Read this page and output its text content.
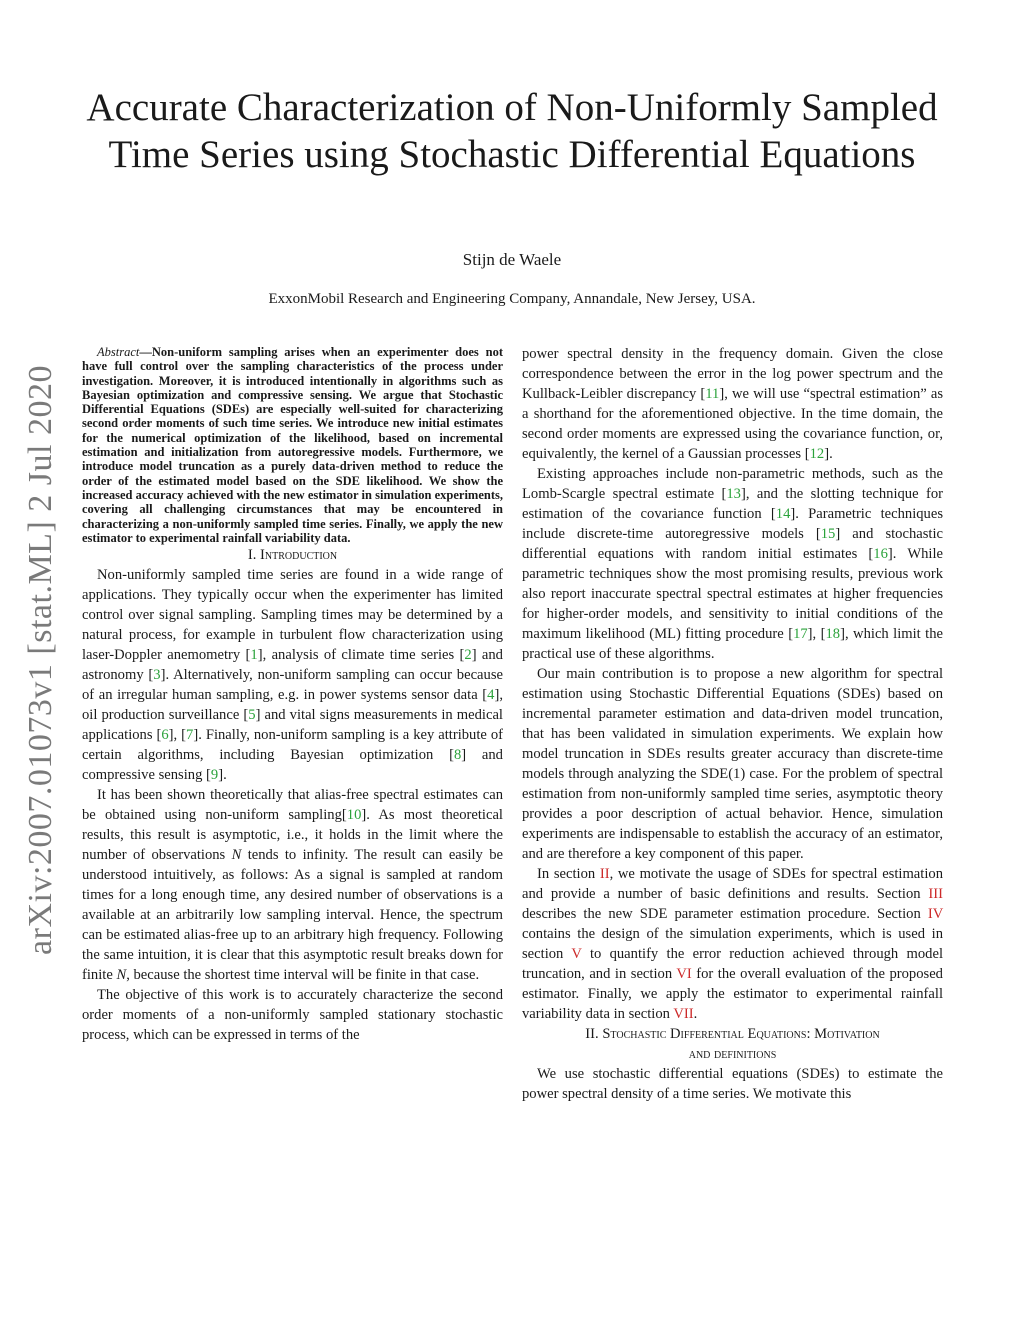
Accurate Characterization of Non-Uniformly Sampled Time Series using Stochastic Differential Equations
Stijn de Waele
ExxonMobil Research and Engineering Company, Annandale, New Jersey, USA.
arXiv:2007.01073v1 [stat.ML] 2 Jul 2020

Abstract—Non-uniform sampling arises when an experimenter does not have full control over the sampling characteristics of the process under investigation. Moreover, it is introduced intentionally in algorithms such as Bayesian optimization and compressive sensing. We argue that Stochastic Differential Equations (SDEs) are especially well-suited for characterizing second order moments of such time series. We introduce new initial estimates for the numerical optimization of the likelihood, based on incremental estimation and initialization from autoregressive models. Furthermore, we introduce model truncation as a purely data-driven method to reduce the order of the estimated model based on the SDE likelihood. We show the increased accuracy achieved with the new estimator in simulation experiments, covering all challenging circumstances that may be encountered in characterizing a non-uniformly sampled time series. Finally, we apply the new estimator to experimental rainfall variability data.

I. Introduction

Non-uniformly sampled time series are found in a wide range of applications. They typically occur when the experimenter has limited control over signal sampling. Sampling times may be determined by a natural process, for example in turbulent flow characterization using laser-Doppler anemometry [1], analysis of climate time series [2] and astronomy [3]. Alternatively, non-uniform sampling can occur because of an irregular human sampling, e.g. in power systems sensor data [4], oil production surveillance [5] and vital signs measurements in medical applications [6], [7]. Finally, non-uniform sampling is a key attribute of certain algorithms, including Bayesian optimization [8] and compressive sensing [9].

It has been shown theoretically that alias-free spectral estimates can be obtained using non-uniform sampling[10]. As most theoretical results, this result is asymptotic, i.e., it holds in the limit where the number of observations N tends to infinity. The result can easily be understood intuitively, as follows: As a signal is sampled at random times for a long enough time, any desired number of observations is a available at an arbitrarily low sampling interval. Hence, the spectrum can be estimated alias-free up to an arbitrary high frequency. Following the same intuition, it is clear that this asymptotic result breaks down for finite N, because the shortest time interval will be finite in that case.

The objective of this work is to accurately characterize the second order moments of a non-uniformly sampled stationary stochastic process, which can be expressed in terms of the

power spectral density in the frequency domain. Given the close correspondence between the error in the log power spectrum and the Kullback-Leibler discrepancy [11], we will use “spectral estimation” as a shorthand for the aforementioned objective. In the time domain, the second order moments are expressed using the covariance function, or, equivalently, the kernel of a Gaussian processes [12].

Existing approaches include non-parametric methods, such as the Lomb-Scargle spectral estimate [13], and the slotting technique for estimation of the covariance function [14]. Parametric techniques include discrete-time autoregressive models [15] and stochastic differential equations with random initial estimates [16]. While parametric techniques show the most promising results, previous work also report inaccurate spectral spectral estimates at higher frequencies for higher-order models, and sensitivity to initial conditions of the maximum likelihood (ML) fitting procedure [17], [18], which limit the practical use of these algorithms.

Our main contribution is to propose a new algorithm for spectral estimation using Stochastic Differential Equations (SDEs) based on incremental parameter estimation and data-driven model truncation, that has been validated in simulation experiments. We explain how model truncation in SDEs results greater accuracy than discrete-time models through analyzing the SDE(1) case. For the problem of spectral estimation from non-uniformly sampled time series, asymptotic theory provides a poor description of actual behavior. Hence, simulation experiments are indispensable to establish the accuracy of an estimator, and are therefore a key component of this paper.

In section II, we motivate the usage of SDEs for spectral estimation and provide a number of basic definitions and results. Section III describes the new SDE parameter estimation procedure. Section IV contains the design of the simulation experiments, which is used in section V to quantify the error reduction achieved through model truncation, and in section VI for the overall evaluation of the proposed estimator. Finally, we apply the estimator to experimental rainfall variability data in section VII.

II. Stochastic Differential Equations: Motivation
and definitions

We use stochastic differential equations (SDEs) to estimate the power spectral density of a time series. We motivate this
